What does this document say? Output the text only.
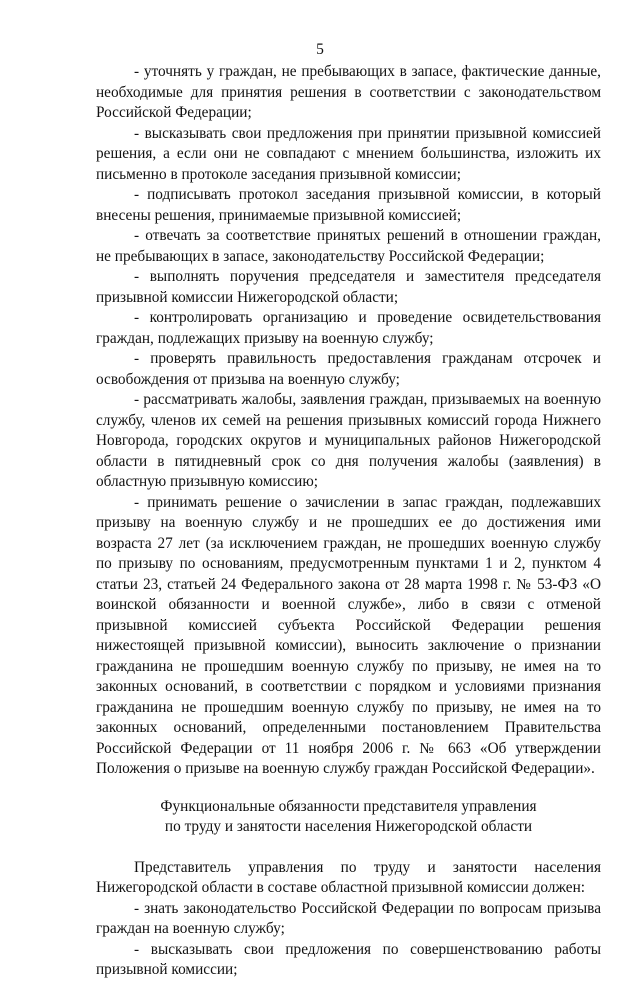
5

- уточнять у граждан, не пребывающих в запасе, фактические данные, необходимые для принятия решения в соответствии с законодательством Российской Федерации;

- высказывать свои предложения при принятии призывной комиссией решения, а если они не совпадают с мнением большинства, изложить их письменно в протоколе заседания призывной комиссии;

- подписывать протокол заседания призывной комиссии, в который внесены решения, принимаемые призывной комиссией;

- отвечать за соответствие принятых решений в отношении граждан, не пребывающих в запасе, законодательству Российской Федерации;

- выполнять поручения председателя и заместителя председателя призывной комиссии Нижегородской области;

- контролировать организацию и проведение освидетельствования граждан, подлежащих призыву на военную службу;

- проверять правильность предоставления гражданам отсрочек и освобождения от призыва на военную службу;

- рассматривать жалобы, заявления граждан, призываемых на военную службу, членов их семей на решения призывных комиссий города Нижнего Новгорода, городских округов и муниципальных районов Нижегородской области в пятидневный срок со дня получения жалобы (заявления) в областную призывную комиссию;

- принимать решение о зачислении в запас граждан, подлежавших призыву на военную службу и не прошедших ее до достижения ими возраста 27 лет (за исключением граждан, не прошедших военную службу по призыву по основаниям, предусмотренным пунктами 1 и 2, пунктом 4 статьи 23, статьей 24 Федерального закона от 28 марта 1998 г. № 53-ФЗ «О воинской обязанности и военной службе», либо в связи с отменой призывной комиссией субъекта Российской Федерации решения нижестоящей призывной комиссии), выносить заключение о признании гражданина не прошедшим военную службу по призыву, не имея на то законных оснований, в соответствии с порядком и условиями признания гражданина не прошедшим военную службу по призыву, не имея на то законных оснований, определенными постановлением Правительства Российской Федерации от 11 ноября 2006 г. № 663 «Об утверждении Положения о призыве на военную службу граждан Российской Федерации».

Функциональные обязанности представителя управления
по труду и занятости населения Нижегородской области

Представитель управления по труду и занятости населения Нижегородской области в составе областной призывной комиссии должен:

- знать законодательство Российской Федерации по вопросам призыва граждан на военную службу;

- высказывать свои предложения по совершенствованию работы призывной комиссии;
